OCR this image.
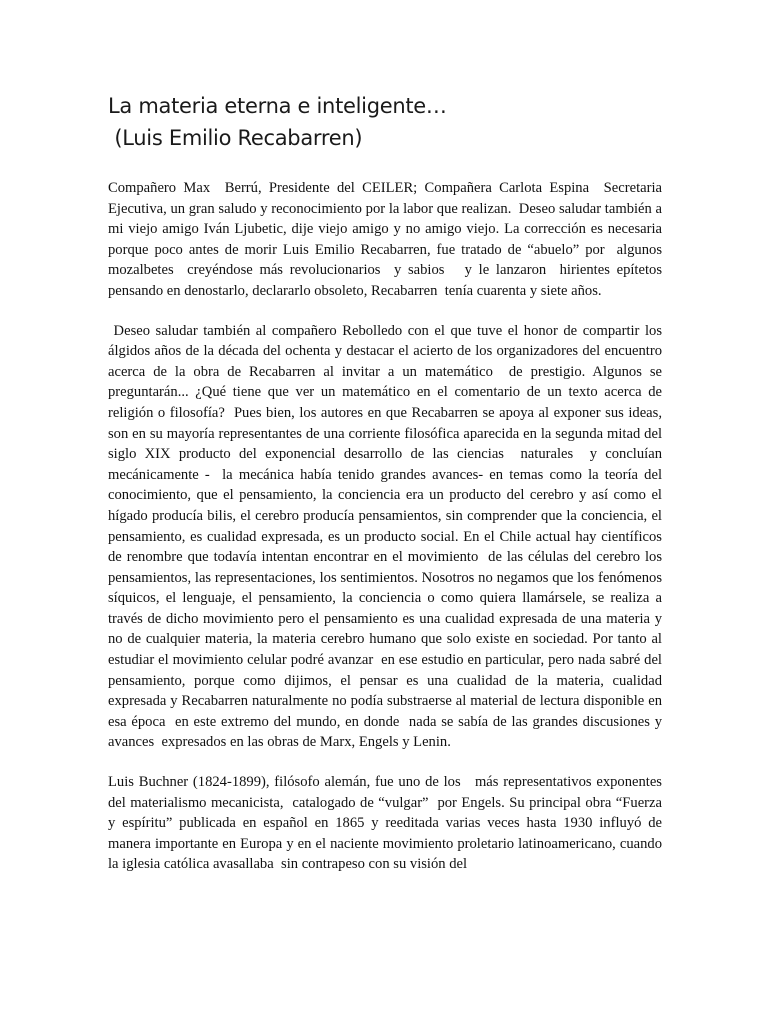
La materia eterna e inteligente…
(Luis Emilio Recabarren)

Compañero Max  Berrú, Presidente del CEILER; Compañera Carlota Espina  Secretaria Ejecutiva, un gran saludo y reconocimiento por la labor que realizan.  Deseo saludar también a mi viejo amigo Iván Ljubetic, dije viejo amigo y no amigo viejo. La corrección es necesaria porque poco antes de morir Luis Emilio Recabarren, fue tratado de “abuelo” por  algunos mozalbetes  creyéndose más revolucionarios  y sabios   y le lanzaron  hirientes epítetos pensando en denostarlo, declararlo obsoleto, Recabarren  tenía cuarenta y siete años.

Deseo saludar también al compañero Rebolledo con el que tuve el honor de compartir los álgidos años de la década del ochenta y destacar el acierto de los organizadores del encuentro acerca de la obra de Recabarren al invitar a un matemático  de prestigio. Algunos se preguntarán... ¿Qué tiene que ver un matemático en el comentario de un texto acerca de religión o filosofía?  Pues bien, los autores en que Recabarren se apoya al exponer sus ideas, son en su mayoría representantes de una corriente filosófica aparecida en la segunda mitad del siglo XIX producto del exponencial desarrollo de las ciencias  naturales  y concluían mecánicamente -  la mecánica había tenido grandes avances- en temas como la teoría del conocimiento, que el pensamiento, la conciencia era un producto del cerebro y así como el hígado producía bilis, el cerebro producía pensamientos, sin comprender que la conciencia, el pensamiento, es cualidad expresada, es un producto social. En el Chile actual hay científicos de renombre que todavía intentan encontrar en el movimiento  de las células del cerebro los pensamientos, las representaciones, los sentimientos. Nosotros no negamos que los fenómenos síquicos, el lenguaje, el pensamiento, la conciencia o como quiera llamársele, se realiza a través de dicho movimiento pero el pensamiento es una cualidad expresada de una materia y no de cualquier materia, la materia cerebro humano que solo existe en sociedad. Por tanto al estudiar el movimiento celular podré avanzar  en ese estudio en particular, pero nada sabré del pensamiento, porque como dijimos, el pensar es una cualidad de la materia, cualidad expresada y Recabarren naturalmente no podía substraerse al material de lectura disponible en esa época  en este extremo del mundo, en donde  nada se sabía de las grandes discusiones y avances  expresados en las obras de Marx, Engels y Lenin.

Luis Buchner (1824-1899), filósofo alemán, fue uno de los   más representativos exponentes del materialismo mecanicista,  catalogado de “vulgar”  por Engels. Su principal obra “Fuerza y espíritu” publicada en español en 1865 y reeditada varias veces hasta 1930 influyó de manera importante en Europa y en el naciente movimiento proletario latinoamericano, cuando la iglesia católica avasallaba  sin contrapeso con su visión del
